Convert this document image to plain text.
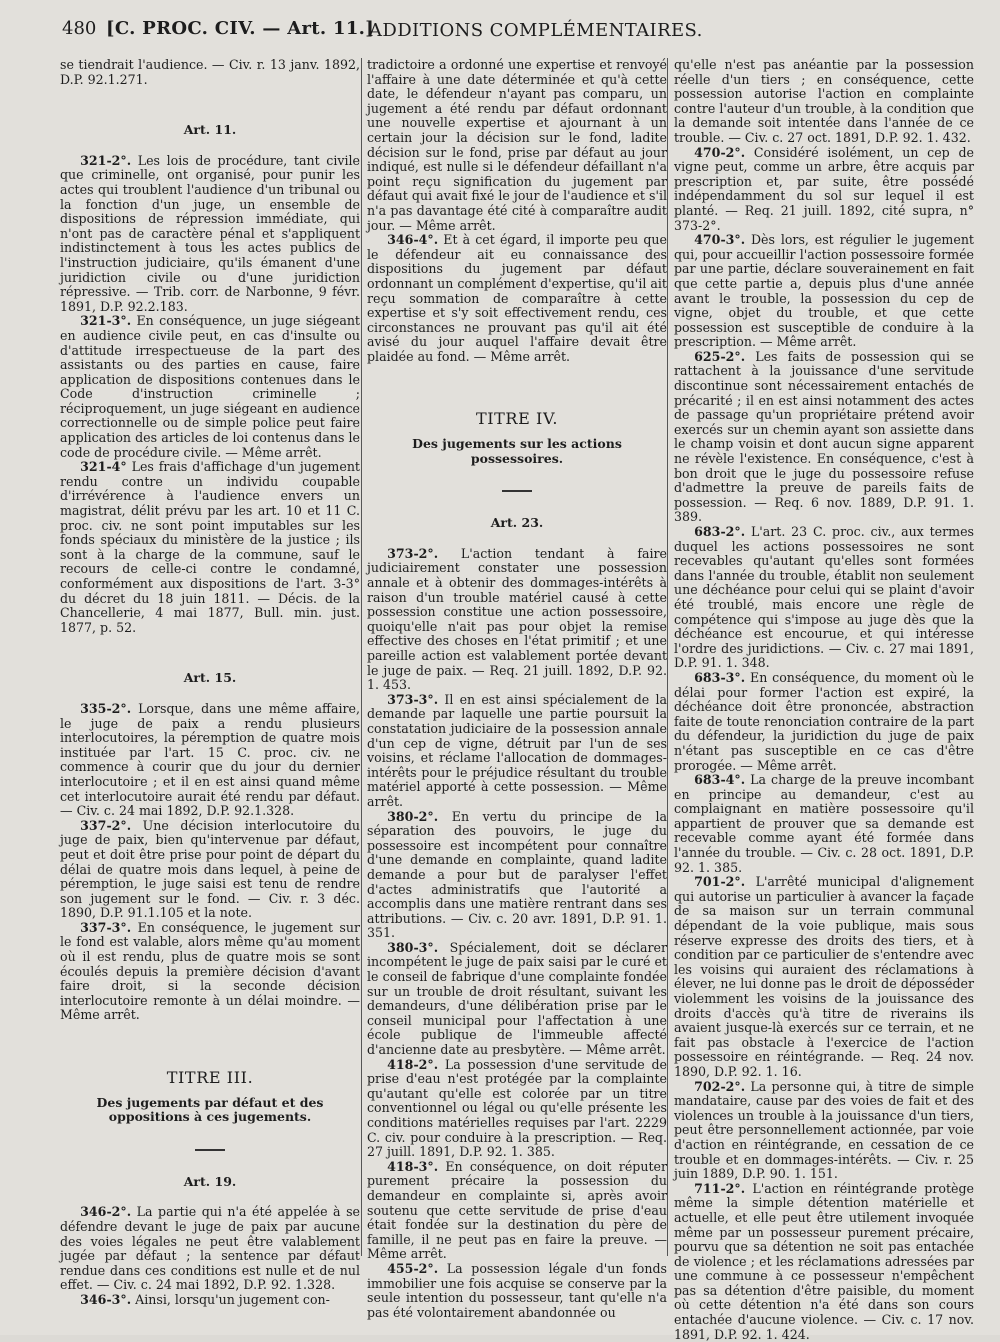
480 [C. PROC. CIV. — Art. 11.]
ADDITIONS COMPLÉMENTAIRES.

se tiendrait l'audience. — Civ. r. 13 janv. 1892, D.P. 92.1.271.

Art. 11.

321-2°. Les lois de procédure, tant civile que criminelle, ont organisé, pour punir les actes qui troublent l'audience d'un tribunal ou la fonction d'un juge, un ensemble de dispositions de répression immédiate, qui n'ont pas de caractère pénal et s'appliquent indistinctement à tous les actes publics de l'instruction judiciaire, qu'ils émanent d'une juridiction civile ou d'une juridiction répressive. — Trib. corr. de Narbonne, 9 févr. 1891, D.P. 92.2.183.

321-3°. En conséquence, un juge siégeant en audience civile peut, en cas d'insulte ou d'attitude irrespectueuse de la part des assistants ou des parties en cause, faire application de dispositions contenues dans le Code d'instruction criminelle ; réciproquement, un juge siégeant en audience correctionnelle ou de simple police peut faire application des articles de loi contenus dans le code de procédure civile. — Même arrêt.

321-4° Les frais d'affichage d'un jugement rendu contre un individu coupable d'irrévérence à l'audience envers un magistrat, délit prévu par les art. 10 et 11 C. proc. civ. ne sont point imputables sur les fonds spéciaux du ministère de la justice ; ils sont à la charge de la commune, sauf le recours de celle-ci contre le condamné, conformément aux dispositions de l'art. 3-3° du décret du 18 juin 1811. — Décis. de la Chancellerie, 4 mai 1877, Bull. min. just. 1877, p. 52.

Art. 15.

335-2°. Lorsque, dans une même affaire, le juge de paix a rendu plusieurs interlocutoires, la péremption de quatre mois instituée par l'art. 15 C. proc. civ. ne commence à courir que du jour du dernier interlocutoire ; et il en est ainsi quand même cet interlocutoire aurait été rendu par défaut. — Civ. c. 24 mai 1892, D.P. 92.1.328.

337-2°. Une décision interlocutoire du juge de paix, bien qu'intervenue par défaut, peut et doit être prise pour point de départ du délai de quatre mois dans lequel, à peine de péremption, le juge saisi est tenu de rendre son jugement sur le fond. — Civ. r. 3 déc. 1890, D.P. 91.1.105 et la note.

337-3°. En conséquence, le jugement sur le fond est valable, alors même qu'au moment où il est rendu, plus de quatre mois se sont écoulés depuis la première décision d'avant faire droit, si la seconde décision interlocutoire remonte à un délai moindre. — Même arrêt.

TITRE III.

Des jugements par défaut et des oppositions à ces jugements.

Art. 19.

346-2°. La partie qui n'a été appelée à se défendre devant le juge de paix par aucune des voies légales ne peut être valablement jugée par défaut ; la sentence par défaut rendue dans ces conditions est nulle et de nul effet. — Civ. c. 24 mai 1892, D.P. 92. 1.328.

346-3°. Ainsi, lorsqu'un jugement con-

tradictoire a ordonné une expertise et renvoyé l'affaire à une date déterminée et qu'à cette date, le défendeur n'ayant pas comparu, un jugement a été rendu par défaut ordonnant une nouvelle expertise et ajournant à un certain jour la décision sur le fond, ladite décision sur le fond, prise par défaut au jour indiqué, est nulle si le défendeur défaillant n'a point reçu signification du jugement par défaut qui avait fixé le jour de l'audience et s'il n'a pas davantage été cité à comparaître audit jour. — Même arrêt.

346-4°. Et à cet égard, il importe peu que le défendeur ait eu connaissance des dispositions du jugement par défaut ordonnant un complément d'expertise, qu'il ait reçu sommation de comparaître à cette expertise et s'y soit effectivement rendu, ces circonstances ne prouvant pas qu'il ait été avisé du jour auquel l'affaire devait être plaidée au fond. — Même arrêt.

TITRE IV.

Des jugements sur les actions possessoires.

Art. 23.

373-2°. L'action tendant à faire judiciairement constater une possession annale et à obtenir des dommages-intérêts à raison d'un trouble matériel causé à cette possession constitue une action possessoire, quoiqu'elle n'ait pas pour objet la remise effective des choses en l'état primitif ; et une pareille action est valablement portée devant le juge de paix. — Req. 21 juill. 1892, D.P. 92. 1. 453.

373-3°. Il en est ainsi spécialement de la demande par laquelle une partie poursuit la constatation judiciaire de la possession annale d'un cep de vigne, détruit par l'un de ses voisins, et réclame l'allocation de dommages-intérêts pour le préjudice résultant du trouble matériel apporté à cette possession. — Même arrêt.

380-2°. En vertu du principe de la séparation des pouvoirs, le juge du possessoire est incompétent pour connaître d'une demande en complainte, quand ladite demande a pour but de paralyser l'effet d'actes administratifs que l'autorité a accomplis dans une matière rentrant dans ses attributions. — Civ. c. 20 avr. 1891, D.P. 91. 1. 351.

380-3°. Spécialement, doit se déclarer incompétent le juge de paix saisi par le curé et le conseil de fabrique d'une complainte fondée sur un trouble de droit résultant, suivant les demandeurs, d'une délibération prise par le conseil municipal pour l'affectation à une école publique de l'immeuble affecté d'ancienne date au presbytère. — Même arrêt.

418-2°. La possession d'une servitude de prise d'eau n'est protégée par la complainte qu'autant qu'elle est colorée par un titre conventionnel ou légal ou qu'elle présente les conditions matérielles requises par l'art. 2229 C. civ. pour conduire à la prescription. — Req. 27 juill. 1891, D.P. 92. 1. 385.

418-3°. En conséquence, on doit réputer purement précaire la possession du demandeur en complainte si, après avoir soutenu que cette servitude de prise d'eau était fondée sur la destination du père de famille, il ne peut pas en faire la preuve. — Même arrêt.

455-2°. La possession légale d'un fonds immobilier une fois acquise se conserve par la seule intention du possesseur, tant qu'elle n'a pas été volontairement abandonnée ou

qu'elle n'est pas anéantie par la possession réelle d'un tiers ; en conséquence, cette possession autorise l'action en complainte contre l'auteur d'un trouble, à la condition que la demande soit intentée dans l'année de ce trouble. — Civ. c. 27 oct. 1891, D.P. 92. 1. 432.

470-2°. Considéré isolément, un cep de vigne peut, comme un arbre, être acquis par prescription et, par suite, être possédé indépendamment du sol sur lequel il est planté. — Req. 21 juill. 1892, cité supra, n° 373-2°.

470-3°. Dès lors, est régulier le jugement qui, pour accueillir l'action possessoire formée par une partie, déclare souverainement en fait que cette partie a, depuis plus d'une année avant le trouble, la possession du cep de vigne, objet du trouble, et que cette possession est susceptible de conduire à la prescription. — Même arrêt.

625-2°. Les faits de possession qui se rattachent à la jouissance d'une servitude discontinue sont nécessairement entachés de précarité ; il en est ainsi notamment des actes de passage qu'un propriétaire prétend avoir exercés sur un chemin ayant son assiette dans le champ voisin et dont aucun signe apparent ne révèle l'existence. En conséquence, c'est à bon droit que le juge du possessoire refuse d'admettre la preuve de pareils faits de possession. — Req. 6 nov. 1889, D.P. 91. 1. 389.

683-2°. L'art. 23 C. proc. civ., aux termes duquel les actions possessoires ne sont recevables qu'autant qu'elles sont formées dans l'année du trouble, établit non seulement une déchéance pour celui qui se plaint d'avoir été troublé, mais encore une règle de compétence qui s'impose au juge dès que la déchéance est encourue, et qui intéresse l'ordre des juridictions. — Civ. c. 27 mai 1891, D.P. 91. 1. 348.

683-3°. En conséquence, du moment où le délai pour former l'action est expiré, la déchéance doit être prononcée, abstraction faite de toute renonciation contraire de la part du défendeur, la juridiction du juge de paix n'étant pas susceptible en ce cas d'être prorogée. — Même arrêt.

683-4°. La charge de la preuve incombant en principe au demandeur, c'est au complaignant en matière possessoire qu'il appartient de prouver que sa demande est recevable comme ayant été formée dans l'année du trouble. — Civ. c. 28 oct. 1891, D.P. 92. 1. 385.

701-2°. L'arrêté municipal d'alignement qui autorise un particulier à avancer la façade de sa maison sur un terrain communal dépendant de la voie publique, mais sous réserve expresse des droits des tiers, et à condition par ce particulier de s'entendre avec les voisins qui auraient des réclamations à élever, ne lui donne pas le droit de déposséder violemment les voisins de la jouissance des droits d'accès qu'à titre de riverains ils avaient jusque-là exercés sur ce terrain, et ne fait pas obstacle à l'exercice de l'action possessoire en réintégrande. — Req. 24 nov. 1890, D.P. 92. 1. 16.

702-2°. La personne qui, à titre de simple mandataire, cause par des voies de fait et des violences un trouble à la jouissance d'un tiers, peut être personnellement actionnée, par voie d'action en réintégrande, en cessation de ce trouble et en dommages-intérêts. — Civ. r. 25 juin 1889, D.P. 90. 1. 151.

711-2°. L'action en réintégrande protège même la simple détention matérielle et actuelle, et elle peut être utilement invoquée même par un possesseur purement précaire, pourvu que sa détention ne soit pas entachée de violence ; et les réclamations adressées par une commune à ce possesseur n'empêchent pas sa détention d'être paisible, du moment où cette détention n'a été dans son cours entachée d'aucune violence. — Civ. c. 17 nov. 1891, D.P. 92. 1. 424.
